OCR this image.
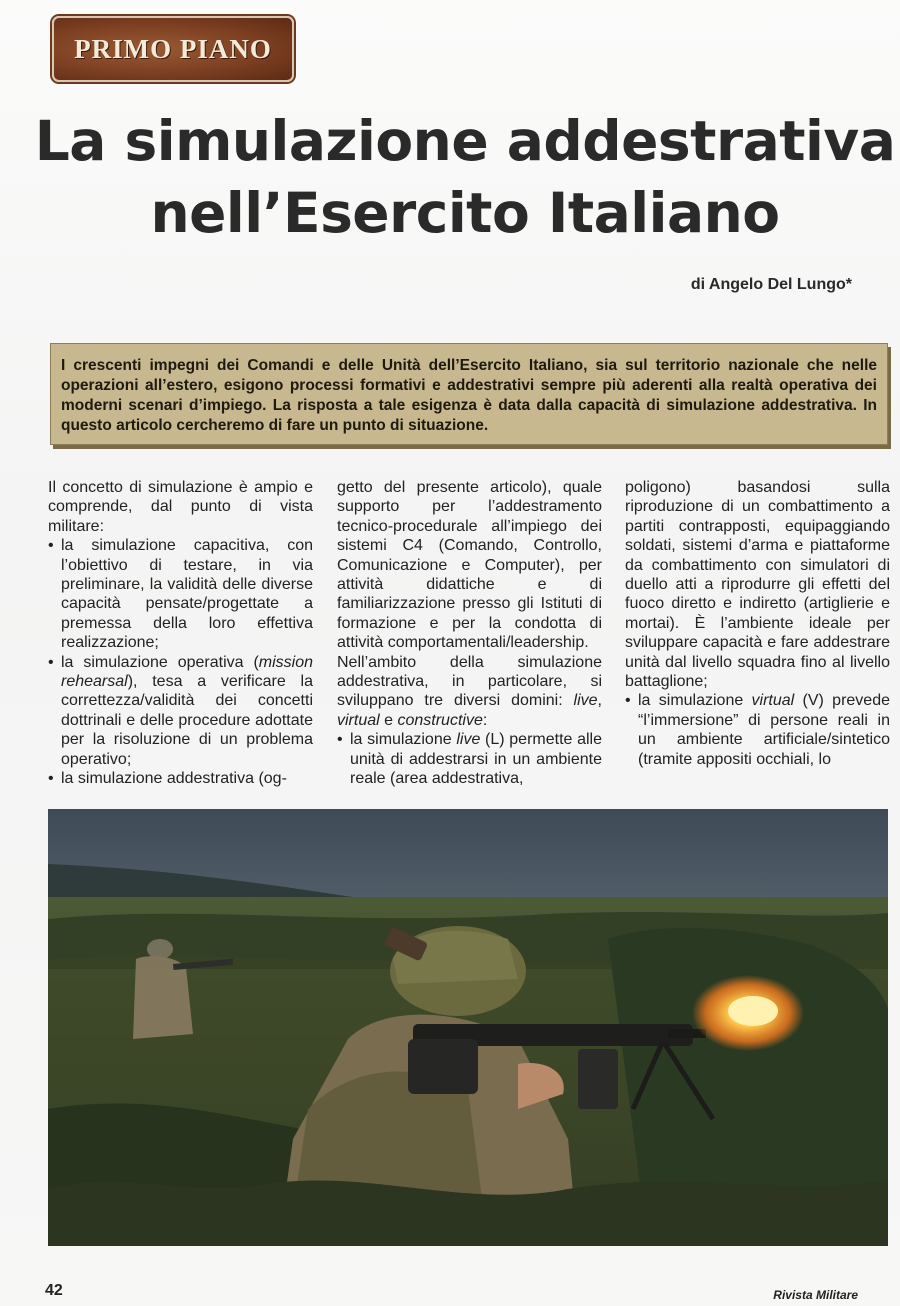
PRIMO PIANO
La simulazione addestrativa
nell’Esercito Italiano
di Angelo Del Lungo*

I crescenti impegni dei Comandi e delle Unità dell’Esercito Italiano, sia sul territorio nazionale che nelle operazioni all’estero, esigono processi formativi e addestrativi sempre più aderenti alla realtà operativa dei moderni scenari d’impiego. La risposta a tale esigenza è data dalla capacità di simulazione addestrativa. In questo articolo cercheremo di fare un punto di situazione.

Il concetto di simulazione è ampio e comprende, dal punto di vista militare:

• la simulazione capacitiva, con l’obiettivo di testare, in via preliminare, la validità delle diverse capacità pensate/progettate a premessa della loro effettiva realizzazione;
• la simulazione operativa (mission rehearsal), tesa a verificare la correttezza/validità dei concetti dottrinali e delle procedure adottate per la risoluzione di un problema operativo;
• la simulazione addestrativa (og-

getto del presente articolo), quale supporto per l’addestramento tecnico-procedurale all’impiego dei sistemi C4 (Comando, Controllo, Comunicazione e Computer), per attività didattiche e di familiarizzazione presso gli Istituti di formazione e per la condotta di attività comportamentali/leadership.

Nell’ambito della simulazione addestrativa, in particolare, si sviluppano tre diversi domini: live, virtual e constructive:

• la simulazione live (L) permette alle unità di addestrarsi in un ambiente reale (area addestrativa,

poligono) basandosi sulla riproduzione di un combattimento a partiti contrapposti, equipaggiando soldati, sistemi d’arma e piattaforme da combattimento con simulatori di duello atti a riprodurre gli effetti del fuoco diretto e indiretto (artiglierie e mortai). È l’ambiente ideale per sviluppare capacità e fare addestrare unità dal livello squadra fino al livello battaglione;

• la simulazione virtual (V) prevede “l’immersione” di persone reali in un ambiente artificiale/sintetico (tramite appositi occhiali, lo
42	Rivista Militare
